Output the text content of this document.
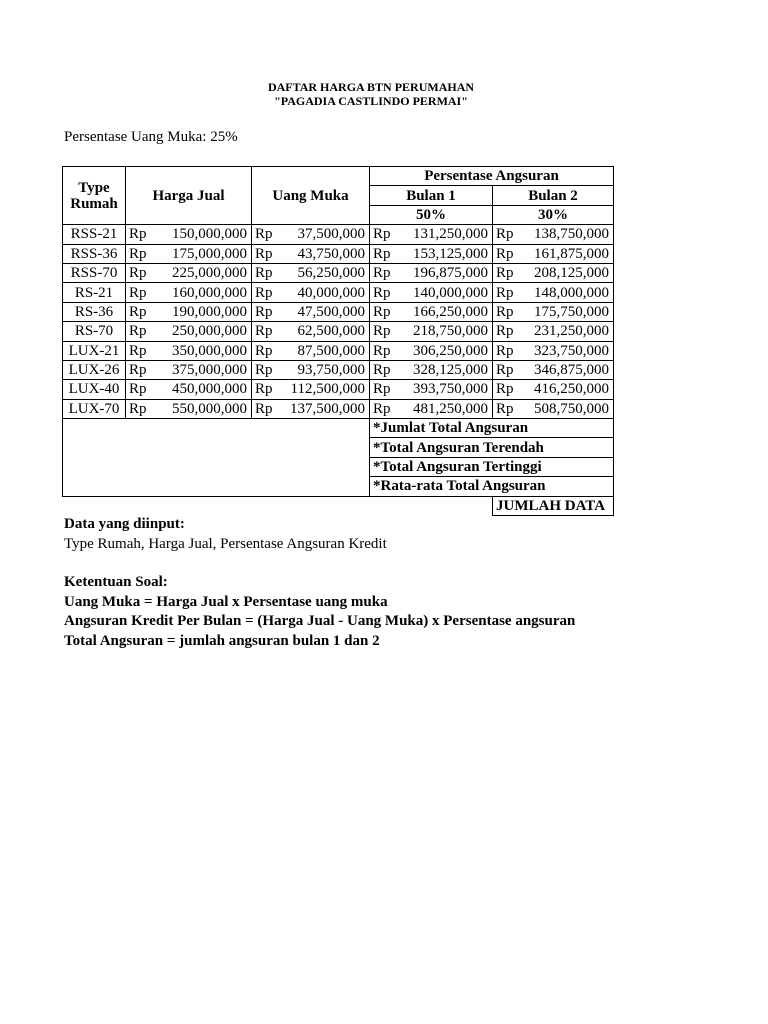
DAFTAR HARGA BTN PERUMAHAN
"PAGADIA CASTLINDO PERMAI"
Persentase Uang Muka: 25%
Type Rumah	Harga Jual		Uang Muka		Persentase Angsuran			
					Bulan 1		Bulan 2	
					50%		30%	
RSS-21	Rp	150,000,000	Rp	37,500,000	Rp	131,250,000	Rp	138,750,000
RSS-36	Rp	175,000,000	Rp	43,750,000	Rp	153,125,000	Rp	161,875,000
RSS-70	Rp	225,000,000	Rp	56,250,000	Rp	196,875,000	Rp	208,125,000
RS-21	Rp	160,000,000	Rp	40,000,000	Rp	140,000,000	Rp	148,000,000
RS-36	Rp	190,000,000	Rp	47,500,000	Rp	166,250,000	Rp	175,750,000
RS-70	Rp	250,000,000	Rp	62,500,000	Rp	218,750,000	Rp	231,250,000
LUX-21	Rp	350,000,000	Rp	87,500,000	Rp	306,250,000	Rp	323,750,000
LUX-26	Rp	375,000,000	Rp	93,750,000	Rp	328,125,000	Rp	346,875,000
LUX-40	Rp	450,000,000	Rp	112,500,000	Rp	393,750,000	Rp	416,250,000
LUX-70	Rp	550,000,000	Rp	137,500,000	Rp	481,250,000	Rp	508,750,000
					*Jumlat Total Angsuran			
					*Total Angsuran Terendah			
					*Total Angsuran Tertinggi			
					*Rata-rata Total Angsuran			
							JUMLAH DATA	
Data yang diinput:
Type Rumah, Harga Jual, Persentase Angsuran Kredit
Ketentuan Soal:
Uang Muka = Harga Jual x Persentase uang muka
Angsuran Kredit Per Bulan = (Harga Jual - Uang Muka) x Persentase angsuran
Total Angsuran = jumlah angsuran bulan 1 dan 2
